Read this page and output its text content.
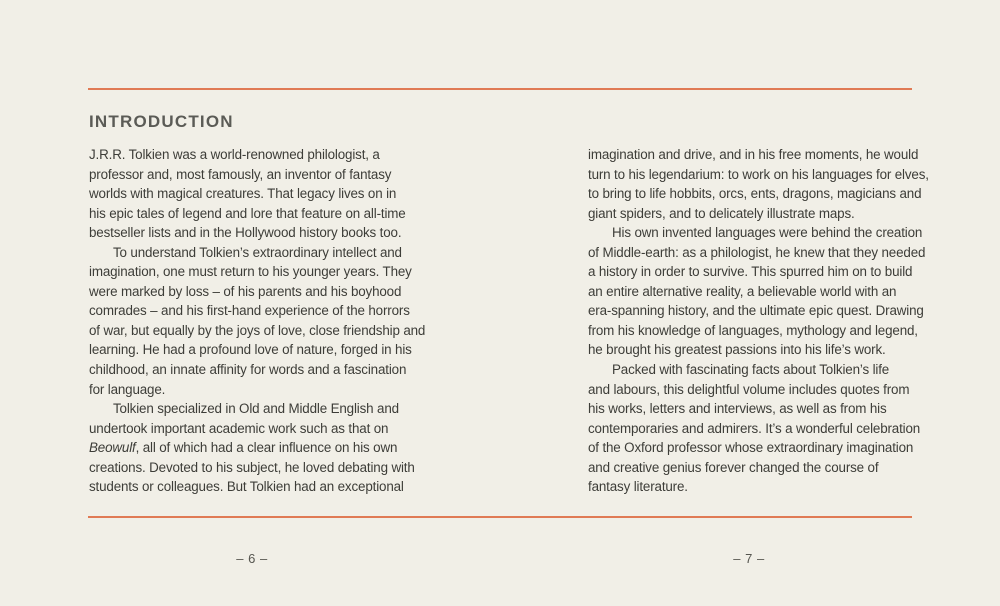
INTRODUCTION
J.R.R. Tolkien was a world-renowned philologist, a
professor and, most famously, an inventor of fantasy
worlds with magical creatures. That legacy lives on in
his epic tales of legend and lore that feature on all-time
bestseller lists and in the Hollywood history books too.
To understand Tolkien’s extraordinary intellect and
imagination, one must return to his younger years. They
were marked by loss – of his parents and his boyhood
comrades – and his first-hand experience of the horrors
of war, but equally by the joys of love, close friendship and
learning. He had a profound love of nature, forged in his
childhood, an innate affinity for words and a fascination
for language.
Tolkien specialized in Old and Middle English and
undertook important academic work such as that on
Beowulf, all of which had a clear influence on his own
creations. Devoted to his subject, he loved debating with
students or colleagues. But Tolkien had an exceptional
imagination and drive, and in his free moments, he would
turn to his legendarium: to work on his languages for elves,
to bring to life hobbits, orcs, ents, dragons, magicians and
giant spiders, and to delicately illustrate maps.
His own invented languages were behind the creation
of Middle-earth: as a philologist, he knew that they needed
a history in order to survive. This spurred him on to build
an entire alternative reality, a believable world with an
era-spanning history, and the ultimate epic quest. Drawing
from his knowledge of languages, mythology and legend,
he brought his greatest passions into his life’s work.
Packed with fascinating facts about Tolkien’s life
and labours, this delightful volume includes quotes from
his works, letters and interviews, as well as from his
contemporaries and admirers. It’s a wonderful celebration
of the Oxford professor whose extraordinary imagination
and creative genius forever changed the course of
fantasy literature.
– 6 –	– 7 –
